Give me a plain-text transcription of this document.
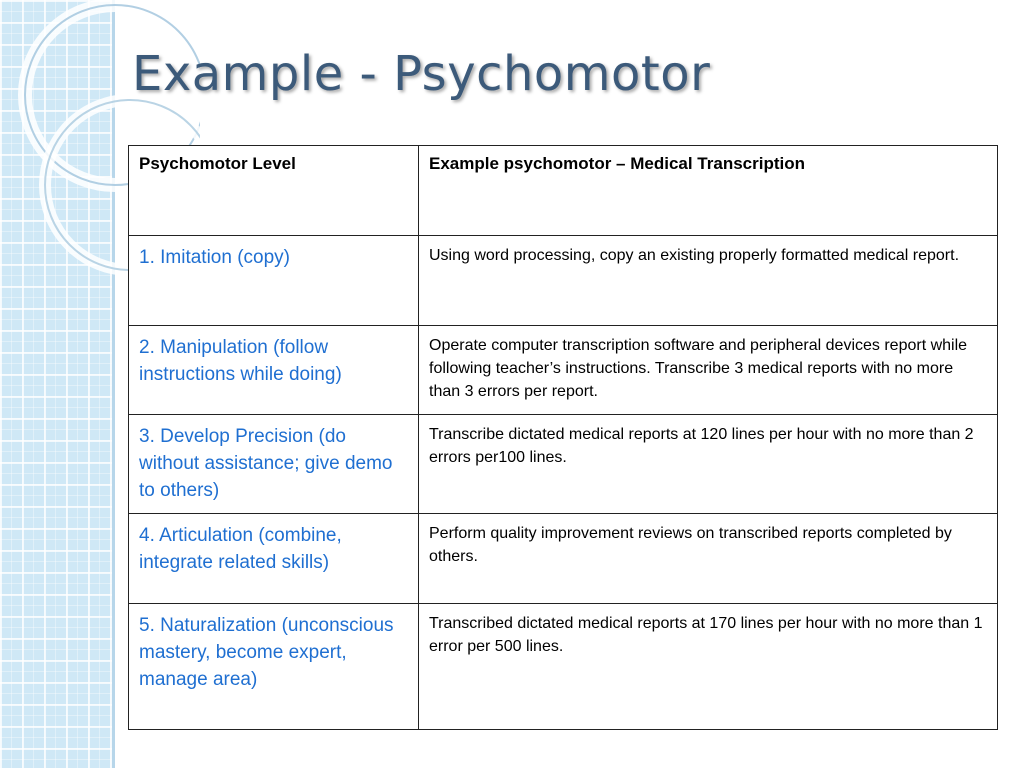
Example - Psychomotor
Psychomotor Level	Example psychomotor – Medical Transcription
1. Imitation (copy)	Using word processing, copy an existing properly formatted medical report.
2. Manipulation (follow instructions while doing)	Operate computer transcription software and peripheral devices report while following teacher’s instructions. Transcribe 3 medical reports with no more than 3 errors per report.
3. Develop Precision (do without assistance; give demo to others)	Transcribe dictated medical reports at 120 lines per hour with no more than 2 errors per100 lines.
4. Articulation (combine, integrate related skills)	Perform quality improvement reviews on transcribed reports completed by others.
5. Naturalization (unconscious mastery, become expert, manage area)	Transcribed dictated medical reports at 170 lines per hour with no more than 1 error per 500 lines.
